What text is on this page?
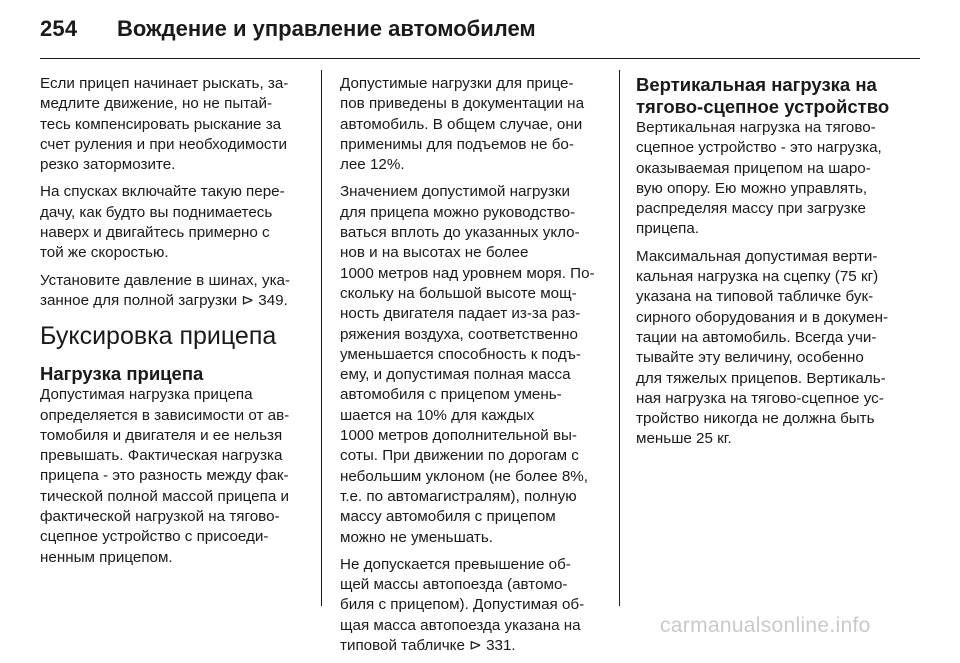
254 Вождение и управление автомобилем
Если прицеп начинает рыскать, за-
медлите движение, но не пытай-
тесь компенсировать рыскание за
счет руления и при необходимости
резко затормозите.
На спусках включайте такую пере-
дачу, как будто вы поднимаетесь
наверх и двигайтесь примерно с
той же скоростью.
Установите давление в шинах, ука-
занное для полной загрузки ⊳ 349.
Буксировка прицепа
Нагрузка прицепа
Допустимая нагрузка прицепа
определяется в зависимости от ав-
томобиля и двигателя и ее нельзя
превышать. Фактическая нагрузка
прицепа - это разность между фак-
тической полной массой прицепа и
фактической нагрузкой на тягово-
сцепное устройство с присоеди-
ненным прицепом.
Допустимые нагрузки для прице-
пов приведены в документации на
автомобиль. В общем случае, они
применимы для подъемов не бо-
лее 12%.
Значением допустимой нагрузки
для прицепа можно руководство-
ваться вплоть до указанных укло-
нов и на высотах не более
1000 метров над уровнем моря. По-
скольку на большой высоте мощ-
ность двигателя падает из-за раз-
ряжения воздуха, соответственно
уменьшается способность к подъ-
ему, и допустимая полная масса
автомобиля с прицепом умень-
шается на 10% для каждых
1000 метров дополнительной вы-
соты. При движении по дорогам с
небольшим уклоном (не более 8%,
т.е. по автомагистралям), полную
массу автомобиля с прицепом
можно не уменьшать.
Не допускается превышение об-
щей массы автопоезда (автомо-
биля с прицепом). Допустимая об-
щая масса автопоезда указана на
типовой табличке ⊳ 331.
Вертикальная нагрузка на
тягово-сцепное устройство
Вертикальная нагрузка на тягово-
сцепное устройство - это нагрузка,
оказываемая прицепом на шаро-
вую опору. Ею можно управлять,
распределяя массу при загрузке
прицепа.
Максимальная допустимая верти-
кальная нагрузка на сцепку (75 кг)
указана на типовой табличке бук-
сирного оборудования и в докумен-
тации на автомобиль. Всегда учи-
тывайте эту величину, особенно
для тяжелых прицепов. Вертикаль-
ная нагрузка на тягово-сцепное ус-
тройство никогда не должна быть
меньше 25 кг.
carmanualsonline.info
